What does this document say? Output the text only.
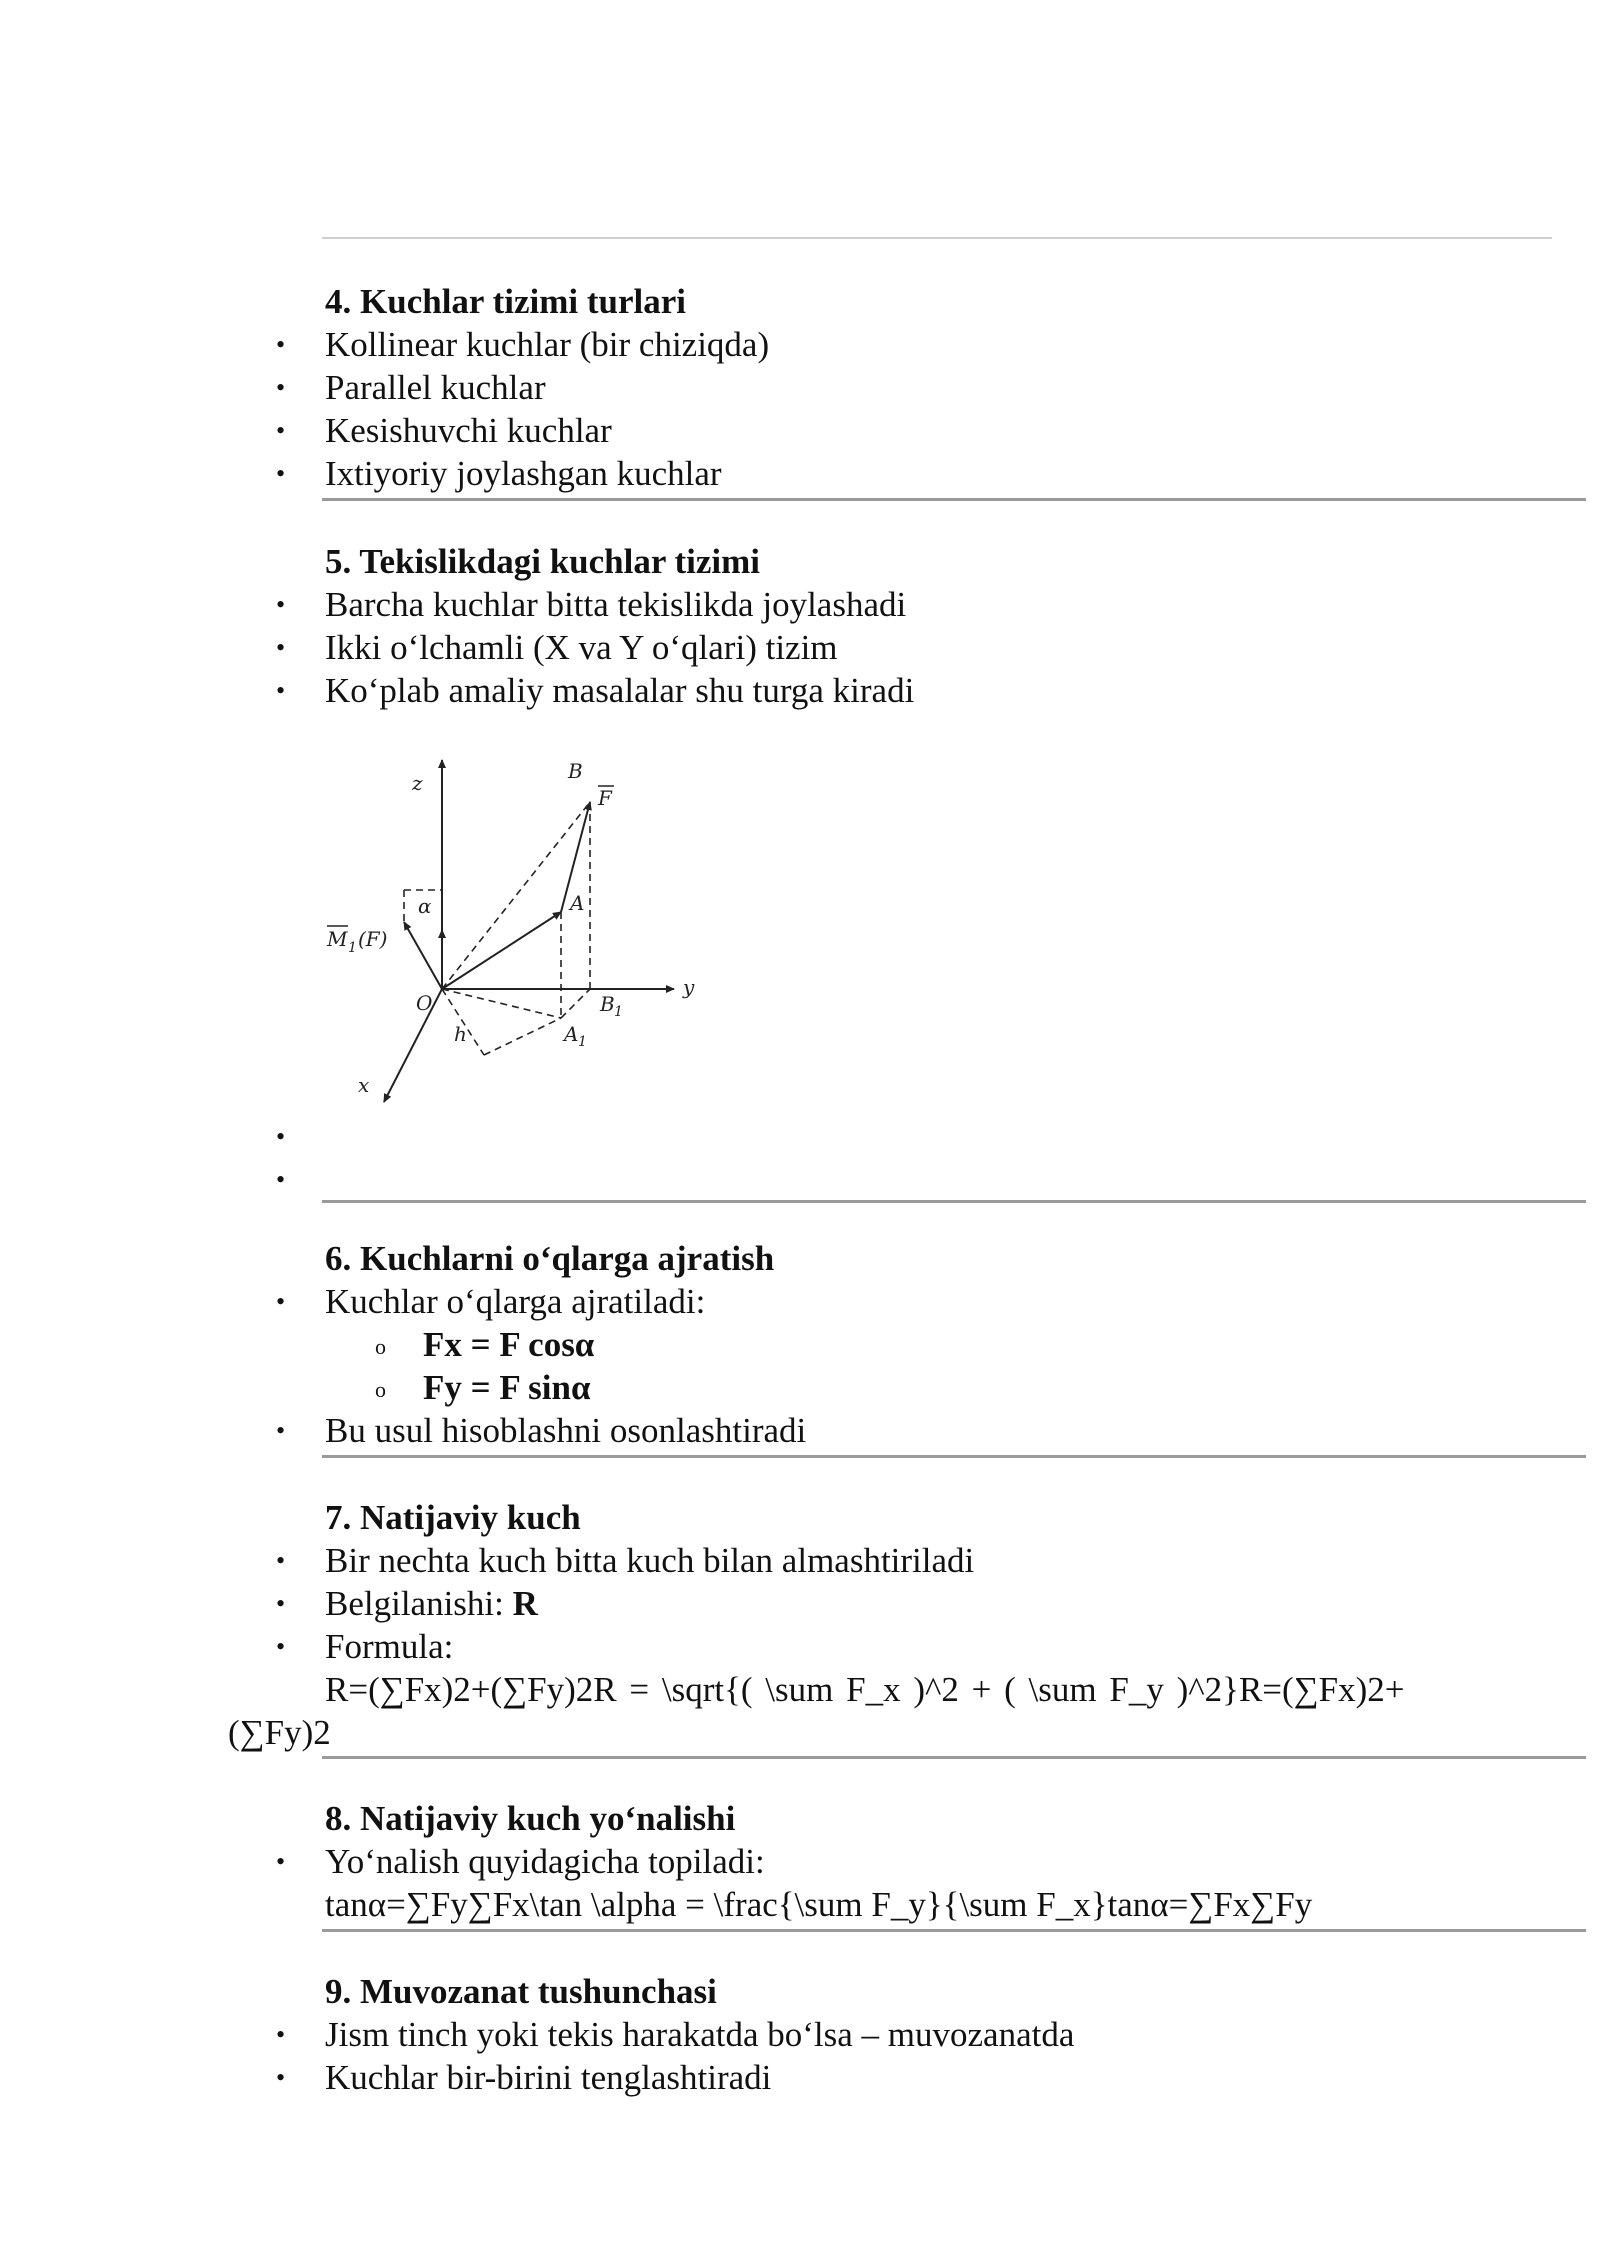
4. Kuchlar tizimi turlari
• Kollinear kuchlar (bir chiziqda)
• Parallel kuchlar
• Kesishuvchi kuchlar
• Ixtiyoriy joylashgan kuchlar
5. Tekislikdagi kuchlar tizimi
• Barcha kuchlar bitta tekislikda joylashadi
• Ikki o‘lchamli (X va Y o‘qlari) tizim
• Ko‘plab amaliy masalalar shu turga kiradi
z	B
F
A
α
M 1 (F)
O
y
B 1
h	A 1
x
•
•
6. Kuchlarni o‘qlarga ajratish
• Kuchlar o‘qlarga ajratiladi:
o Fx = F cosα
o Fy = F sinα
• Bu usul hisoblashni osonlashtiradi
7. Natijaviy kuch
• Bir nechta kuch bitta kuch bilan almashtiriladi
• Belgilanishi: R
• Formula:
R=(∑Fx)2+(∑Fy)2R = \sqrt{( \sum F_x )^2 + ( \sum F_y )^2}R=(∑Fx)2+
(∑Fy)2
8. Natijaviy kuch yo‘nalishi
• Yo‘nalish quyidagicha topiladi:
tanα=∑Fy∑Fx\tan \alpha = \frac{\sum F_y}{\sum F_x}tanα=∑Fx∑Fy
9. Muvozanat tushunchasi
• Jism tinch yoki tekis harakatda bo‘lsa – muvozanatda
• Kuchlar bir-birini tenglashtiradi
